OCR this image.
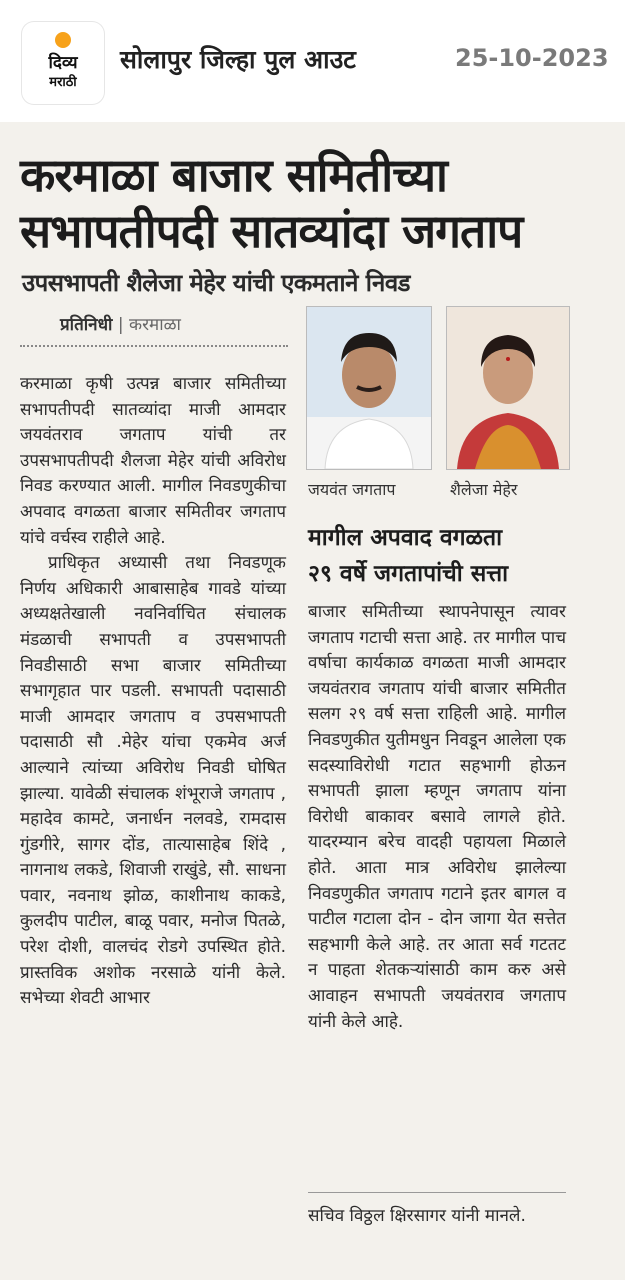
दिव्य
मराठी
सोलापुर जिल्हा पुल आउट	25-10-2023
करमाळा बाजार समितीच्या
सभापतीपदी सातव्यांदा जगताप
उपसभापती शैलेजा मेहेर यांची एकमताने निवड
प्रतिनिधी | करमाळा

करमाळा कृषी उत्पन्न बाजार समितीच्या सभापतीपदी सातव्यांदा माजी आमदार जयवंतराव जगताप यांची तर उपसभापतीपदी शैलजा मेहेर यांची अविरोध निवड करण्यात आली. मागील निवडणुकीचा अपवाद वगळता बाजार समितीवर जगताप यांचे वर्चस्व राहीले आहे.

प्राधिकृत अध्यासी तथा निवडणूक निर्णय अधिकारी आबासाहेब गावडे यांच्या अध्यक्षतेखाली नवनिर्वाचित संचालक मंडळाची सभापती व उपसभापती निवडीसाठी सभा बाजार समितीच्या सभागृहात पार पडली. सभापती पदासाठी माजी आमदार जगताप व उपसभापती पदासाठी सौ .मेहेर यांचा एकमेव अर्ज आल्याने त्यांच्या अविरोध निवडी घोषित झाल्या. यावेळी संचालक शंभूराजे जगताप , महादेव कामटे, जनार्धन नलवडे, रामदास गुंडगीरे, सागर दोंड, तात्यासाहेब शिंदे , नागनाथ लकडे, शिवाजी राखुंडे, सौ. साधना पवार, नवनाथ झोळ, काशीनाथ काकडे, कुलदीप पाटील, बाळू पवार, मनोज पितळे, परेश दोशी, वालचंद रोडगे उपस्थित होते. प्रास्तविक अशोक नरसाळे यांनी केले. सभेच्या शेवटी आभार

जयवंत जगताप	शैलेजा मेहेर
मागील अपवाद वगळता
२९ वर्षे जगतापांची सत्ता
बाजार समितीच्या स्थापनेपासून त्यावर जगताप गटाची सत्ता आहे. तर मागील पाच वर्षाचा कार्यकाळ वगळता माजी आमदार जयवंतराव जगताप यांची बाजार समितीत सलग २९ वर्ष सत्ता राहिली आहे. मागील निवडणुकीत युतीमधुन निवडून आलेला एक सदस्याविरोधी गटात सहभागी होऊन सभापती झाला म्हणून जगताप यांना विरोधी बाकावर बसावे लागले होते. यादरम्यान बरेच वादही पहायला मिळाले होते. आता मात्र अविरोध झालेल्या निवडणुकीत जगताप गटाने इतर बागल व पाटील गटाला दोन - दोन जागा येत सत्तेत सहभागी केले आहे. तर आता सर्व गटतट न पाहता शेतकऱ्यांसाठी काम करु असे आवाहन सभापती जयवंतराव जगताप यांनी केले आहे.
सचिव विठ्ठल क्षिरसागर यांनी मानले.
